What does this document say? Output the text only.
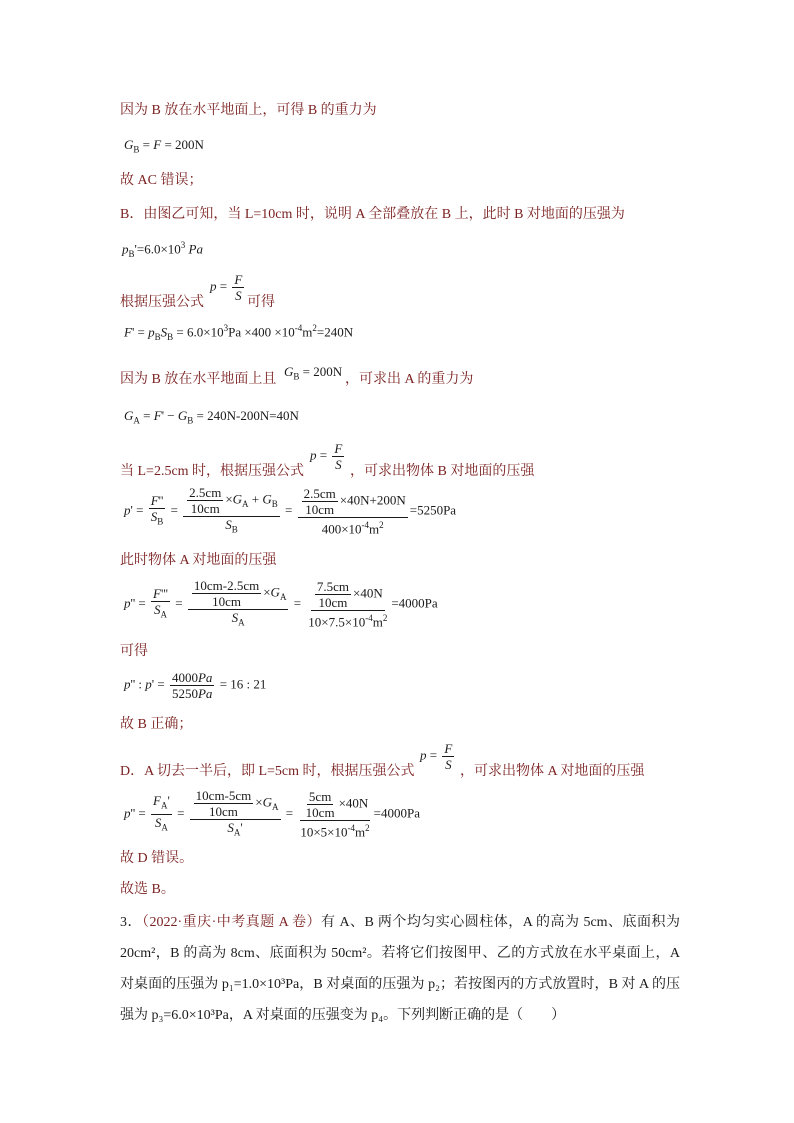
因为 B 放在水平地面上，可得 B 的重力为
$G_B = F = 200N$
故 AC 错误；
B．由图乙可知，当 L=10cm 时，说明 A 全部叠放在 B 上，此时 B 对地面的压强为
$p_B'=6.0\times 10^3$ Pa
根据压强公式
$p = \frac{F}{S}$ 可得
$F' = p_BS_B = 6.0\times 10^3Pa \times 400 \times 10^{-4}m^2=240N$
因为 B 放在水平地面上且
$G_B = 200N$
，可求出 A 的重力为
$G_A = F' - G_B = 240N-200N=40N$
当 L=2.5cm 时，根据压强公式
$p = \frac{F}{S}$ ，可求出物体 B 对地面的压强
$p' = \frac{F''}{S_B} = \frac{\frac{2.5cm}{10cm} \times G_A + G_B}{S_B} = \frac{\frac{2.5cm}{10cm} \times 40N+200N}{400\times 10^{-4}m^2} =5250Pa$
此时物体 A 对地面的压强
$p'' = \frac{F'''}{S_A} = \frac{\frac{10cm-2.5cm}{10cm} \times G_A}{S_A} = \frac{\frac{7.5cm}{10cm} \times 40N}{10\times 7.5\times 10^{-4}m^2} =4000Pa$
可得
p'' : $p' = \frac{4000Pa}{5250Pa} = 16$ : 21
故 B 正确；
D．A 切去一半后，即 L=5cm 时，根据压强公式
$p = \frac{F}{S}$ ，可求出物体 A 对地面的压强
$p'' = \frac{F_A'}{S_A} = \frac{\frac{10cm-5cm}{10cm} \times G_A}{S_A'} = \frac{\frac{5cm}{10cm} \times 40N}{10\times 5\times 10^{-4}m^2} =4000Pa$
故 D 错误。
故选 B。
3．（2022·重庆·中考真题 A 卷）有 A、B 两个均匀实心圆柱体，A 的高为 5cm、底面积为 20cm²，B 的高为 8cm、底面积为 50cm²。若将它们按图甲、乙的方式放在水平桌面上，A 对桌面的压强为 p₁=1.0×10³Pa，B 对桌面的压强为 p₂；若按图丙的方式放置时，B 对 A 的压强为 p₃=6.0×10³Pa，A 对桌面的压强变为 p₄。下列判断正确的是（　　）
